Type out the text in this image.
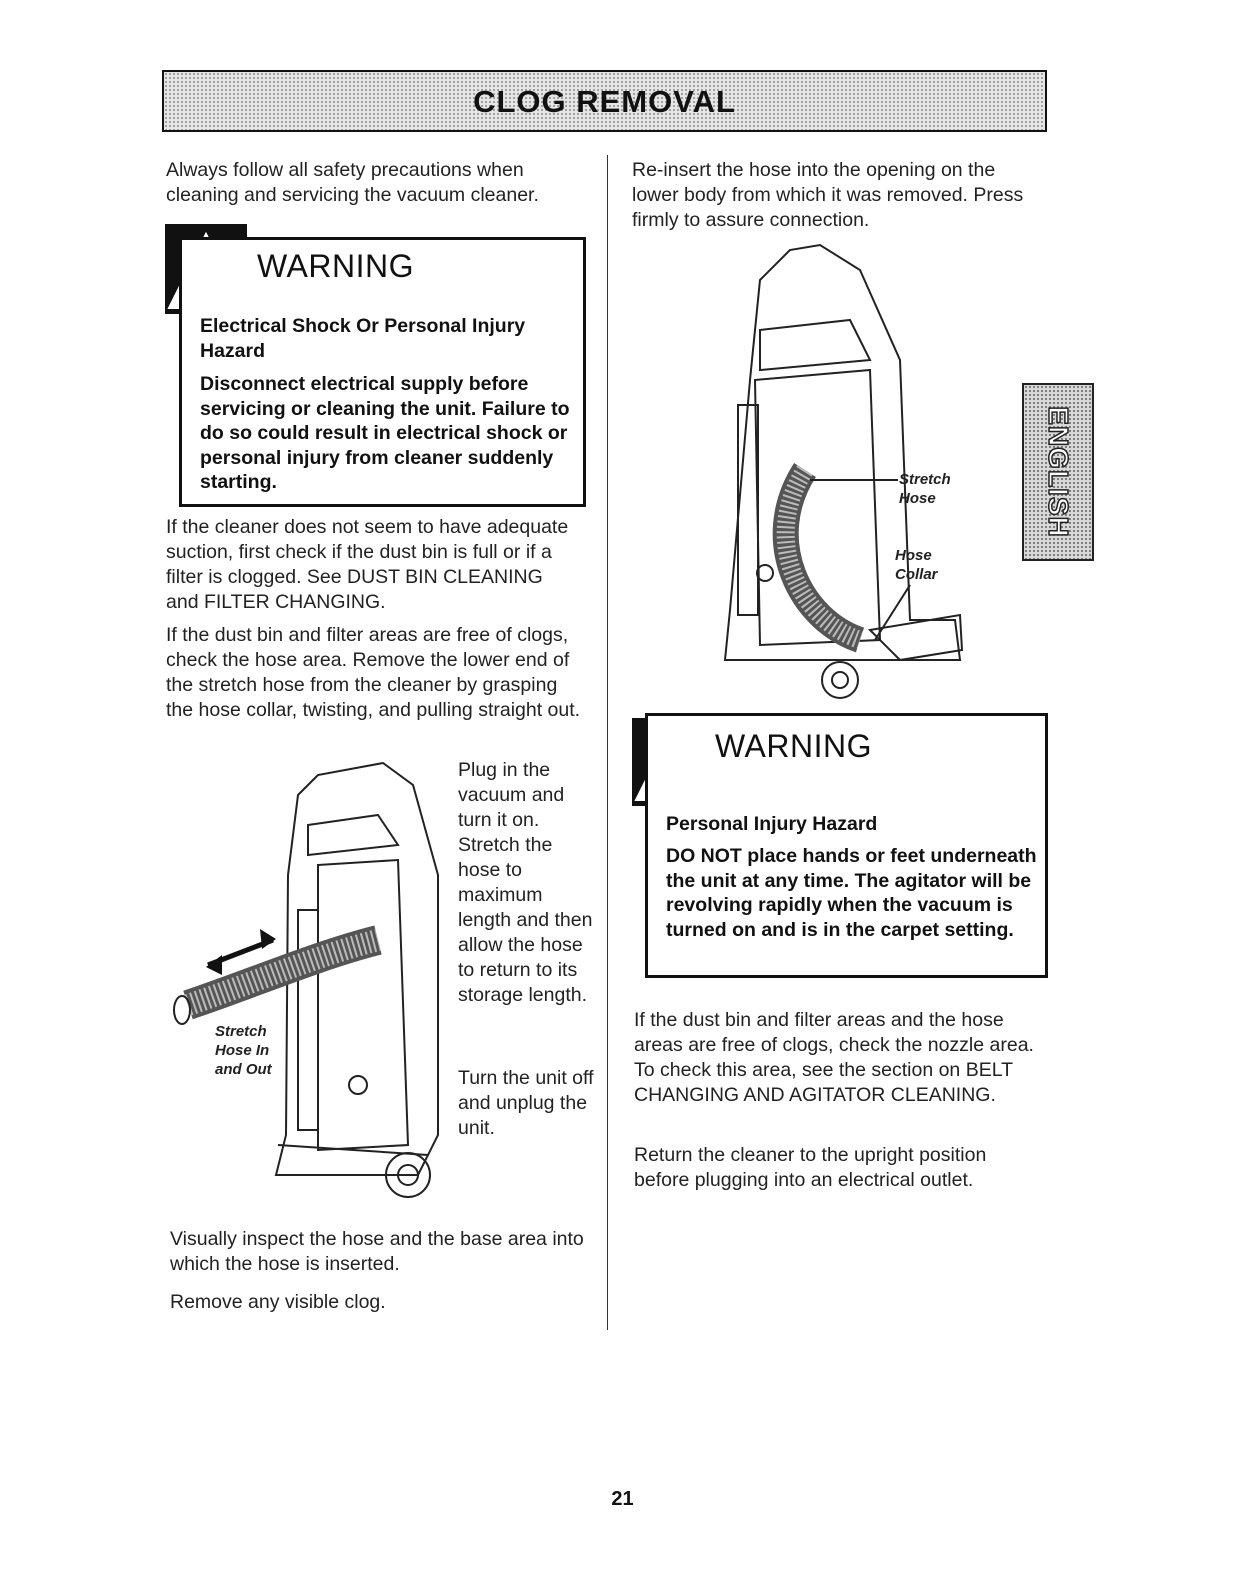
CLOG REMOVAL

Always follow all safety precautions when cleaning and servicing the vacuum cleaner.

WARNING

Electrical Shock Or Personal Injury Hazard

Disconnect electrical supply before servicing or cleaning the unit. Failure to do so could result in electrical shock or personal injury from cleaner suddenly starting.

If the cleaner does not seem to have adequate suction, first check if the dust bin is full or if a filter is clogged. See DUST BIN CLEANING and FILTER CHANGING.

If the dust bin and filter areas are free of clogs, check the hose area. Remove the lower end of the stretch hose from the cleaner by grasping the hose collar, twisting, and pulling straight out.

Stretch
Hose In
and Out

Plug in the vacuum and turn it on. Stretch the hose to maximum length and then allow the hose to return to its storage length.

Turn the unit off and unplug the unit.

Visually inspect the hose and the base area into which the hose is inserted.

Remove any visible clog.

Re-insert the hose into the opening on the lower body from which it was removed. Press firmly to assure connection.

Stretch
Hose
Hose
Collar
WARNING

Personal Injury Hazard

DO NOT place hands or feet underneath the unit at any time. The agitator will be revolving rapidly when the vacuum is turned on and is in the carpet setting.

If the dust bin and filter areas and the hose areas are free of clogs, check the nozzle area. To check this area, see the section on BELT CHANGING AND AGITATOR CLEANING.

Return the cleaner to the upright position before plugging into an electrical outlet.

ENGLISH
21
